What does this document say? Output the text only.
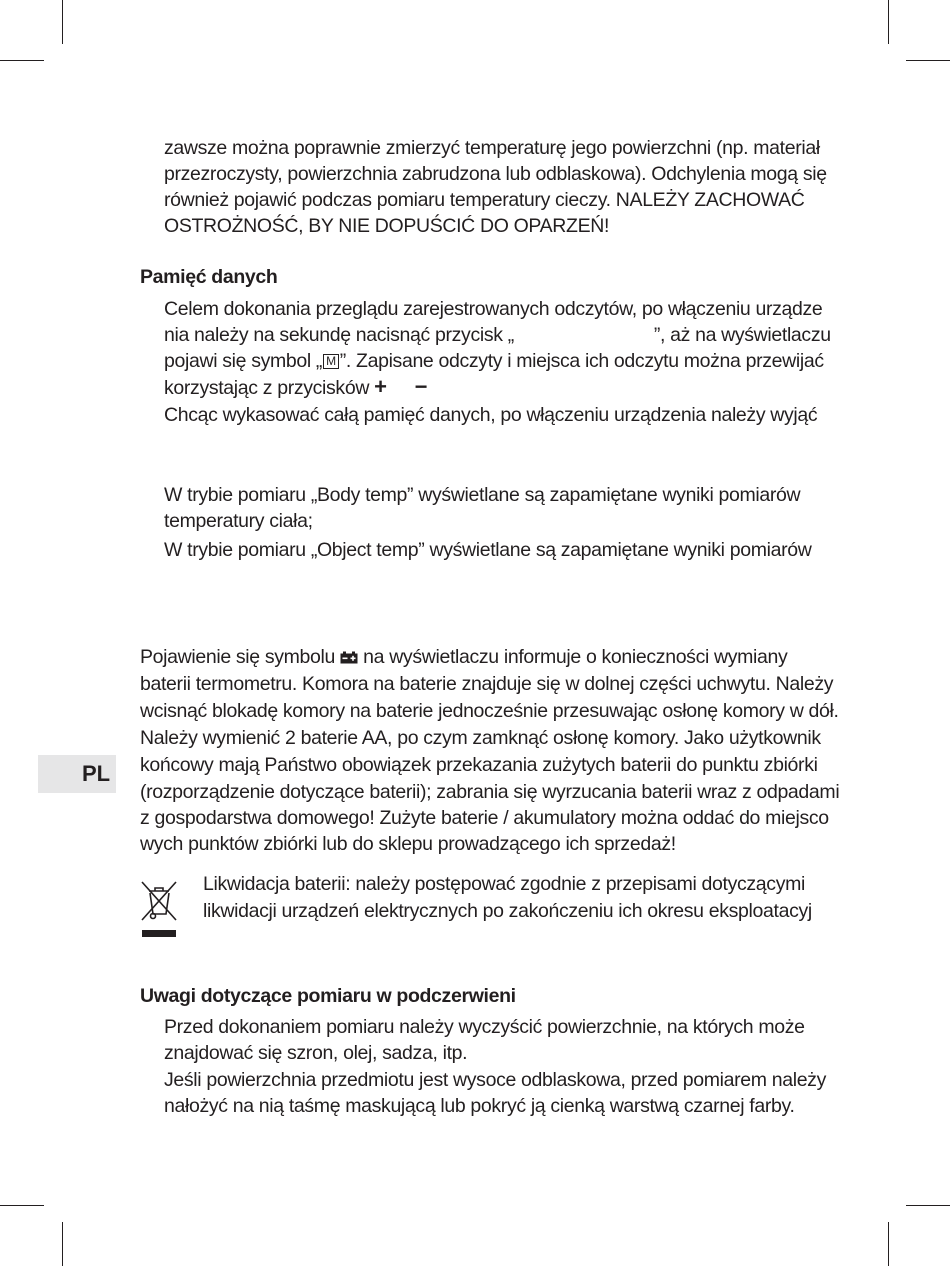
zawsze można poprawnie zmierzyć temperaturę jego powierzchni (np. materiał
przezroczysty, powierzchnia zabrudzona lub odblaskowa). Odchylenia mogą się
również pojawić podczas pomiaru temperatury cieczy. NALEŻY ZACHOWAĆ
OSTROŻNOŚĆ, BY NIE DOPUŚCIĆ DO OPARZEŃ!
Pamięć danych
Celem dokonania przeglądu zarejestrowanych odczytów, po włączeniu urządze
nia należy na sekundę nacisnąć przycisk „	”, aż na wyświetlaczu
pojawi się symbol „ M ”. Zapisane odczyty i miejsca ich odczytu można przewijać
korzystając z przycisków + −
Chcąc wykasować całą pamięć danych, po włączeniu urządzenia należy wyjąć
W trybie pomiaru „Body temp” wyświetlane są zapamiętane wyniki pomiarów
temperatury ciała;
W trybie pomiaru „Object temp” wyświetlane są zapamiętane wyniki pomiarów
Pojawienie się symbolu na wyświetlaczu informuje o konieczności wymiany
baterii termometru. Komora na baterie znajduje się w dolnej części uchwytu. Należy
wcisnąć blokadę komory na baterie jednocześnie przesuwając osłonę komory w dół.
Należy wymienić 2 baterie AA, po czym zamknąć osłonę komory. Jako użytkownik
końcowy mają Państwo obowiązek przekazania zużytych baterii do punktu zbiórki
(rozporządzenie dotyczące baterii); zabrania się wyrzucania baterii wraz z odpadami
z gospodarstwa domowego! Zużyte baterie / akumulatory można oddać do miejsco
wych punktów zbiórki lub do sklepu prowadzącego ich sprzedaż!
Likwidacja baterii: należy postępować zgodnie z przepisami dotyczącymi
likwidacji urządzeń elektrycznych po zakończeniu ich okresu eksploatacyj
PL
Uwagi dotyczące pomiaru w podczerwieni
Przed dokonaniem pomiaru należy wyczyścić powierzchnie, na których może
znajdować się szron, olej, sadza, itp.
Jeśli powierzchnia przedmiotu jest wysoce odblaskowa, przed pomiarem należy
nałożyć na nią taśmę maskującą lub pokryć ją cienką warstwą czarnej farby.
